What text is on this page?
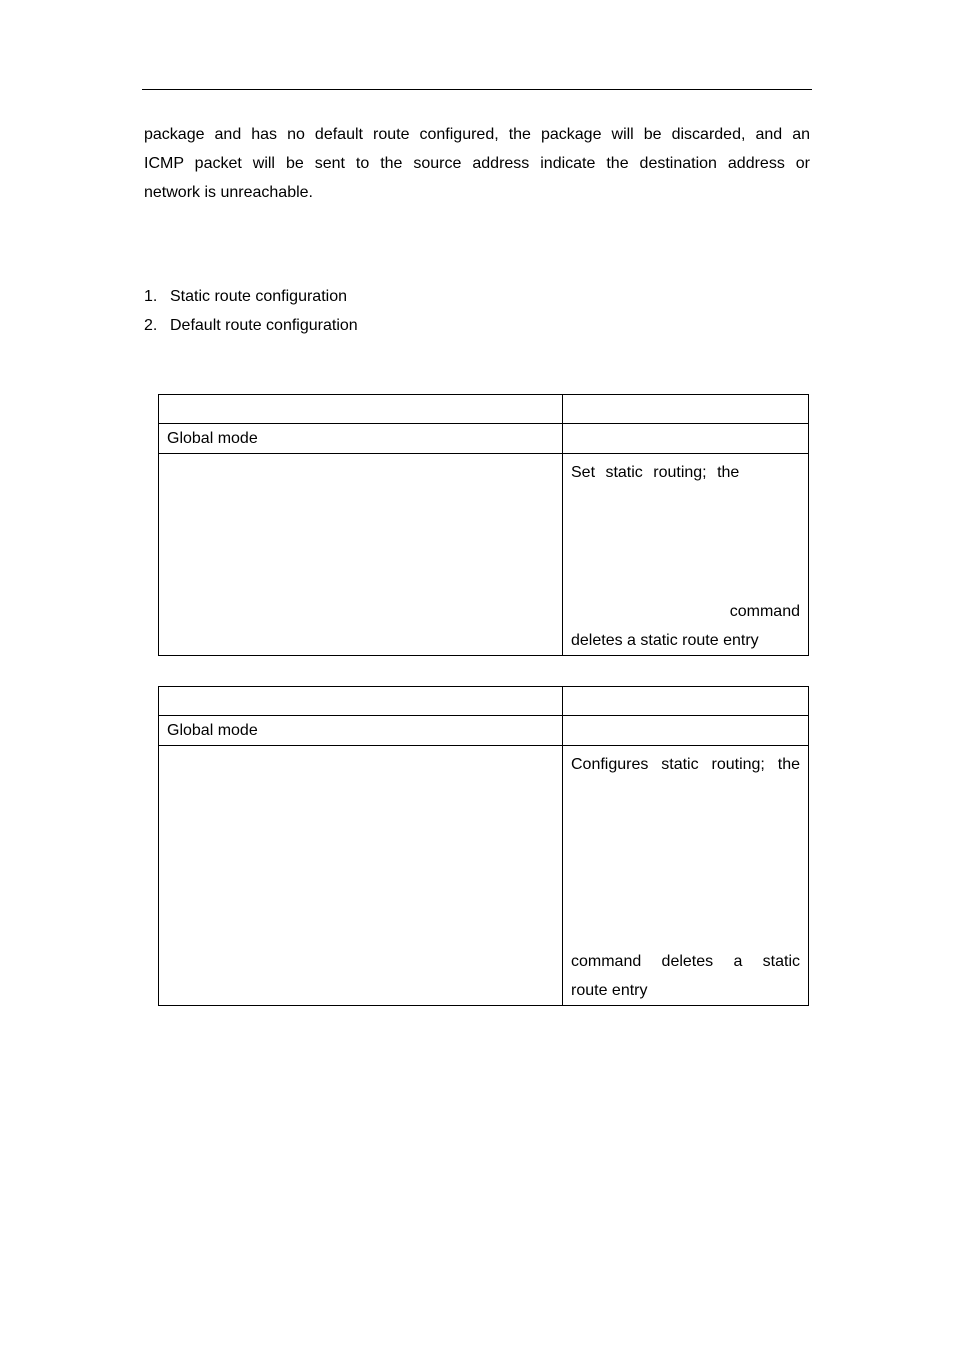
package and has no default route configured, the package will be discarded, and an
ICMP packet will be sent to the source address indicate the destination address or
network is unreachable.

1. Static route configuration
2. Default route configuration

Global mode	

	Set static routing; the
command
deletes a static route entry

Global mode	

	Configures static routing; the
command deletes a static
route entry
